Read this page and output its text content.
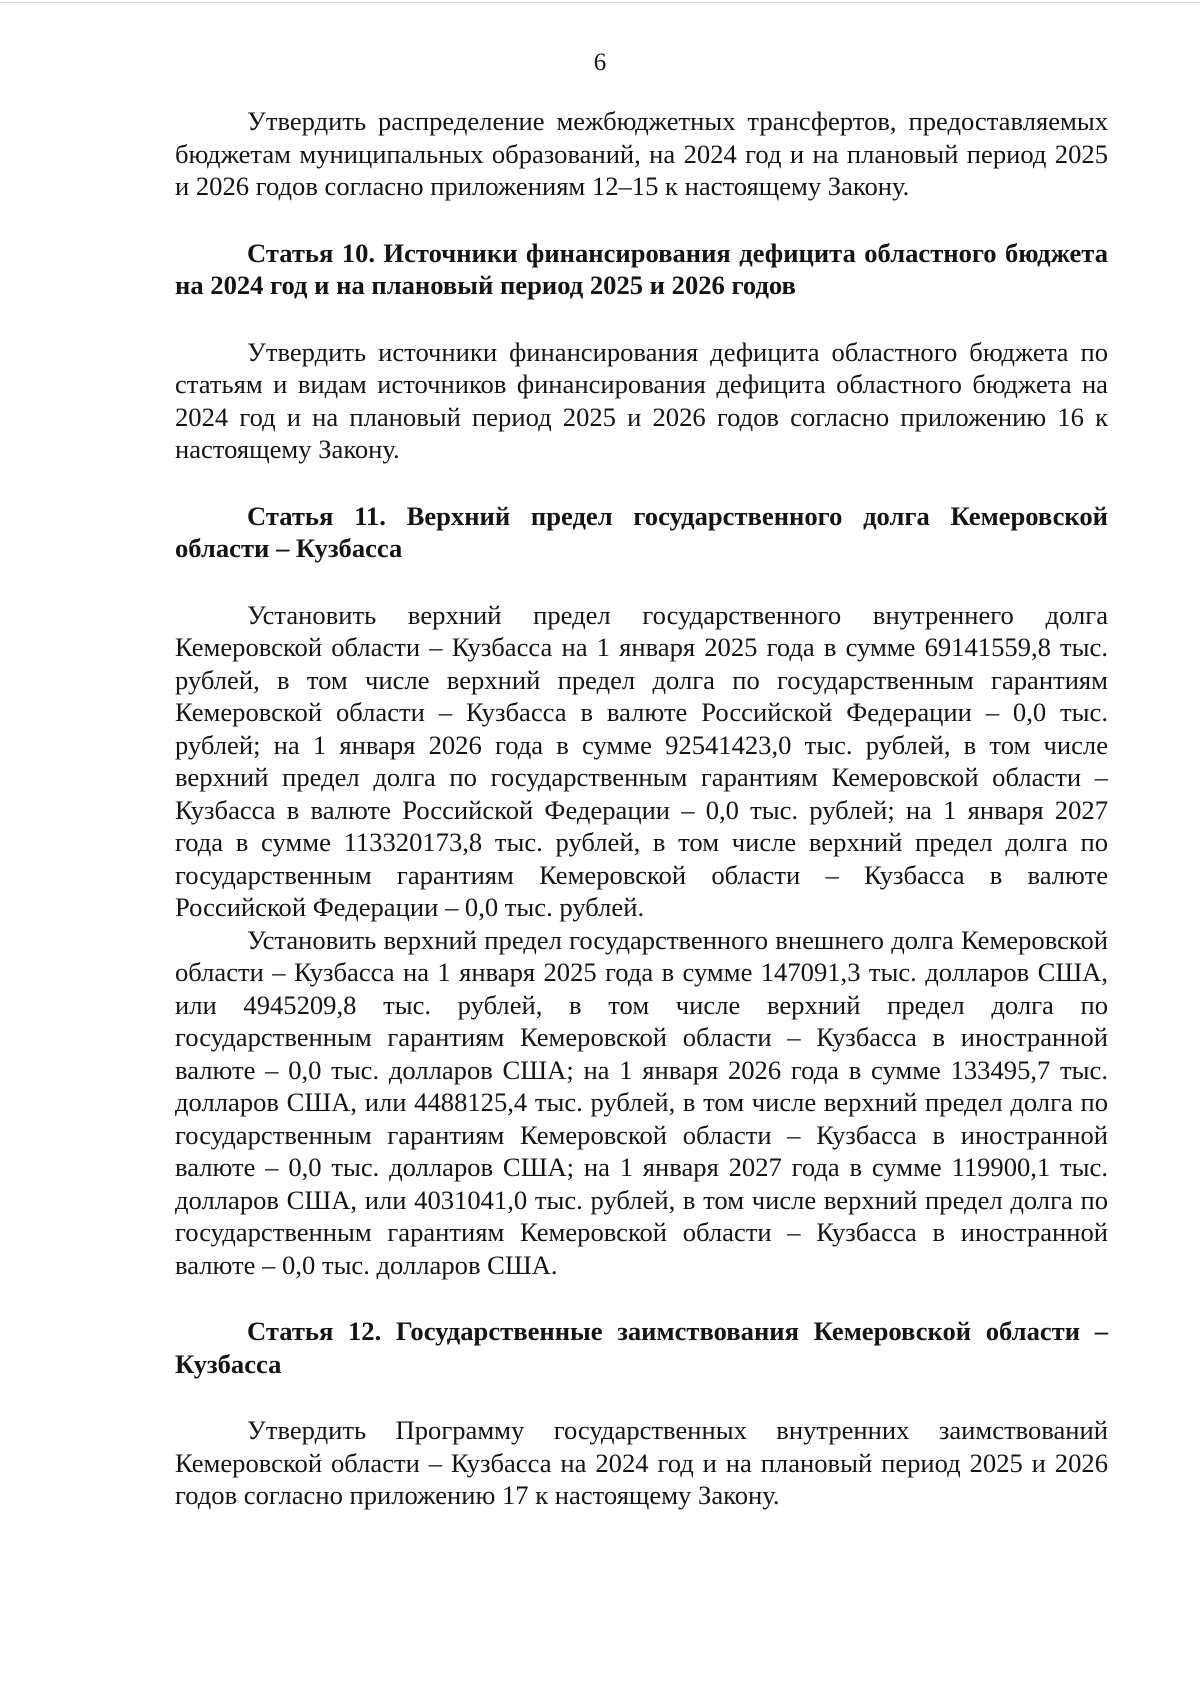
6

Утвердить распределение межбюджетных трансфертов, предоставляемых бюджетам муниципальных образований, на 2024 год и на плановый период 2025 и 2026 годов согласно приложениям 12–15 к настоящему Закону.

Статья 10. Источники финансирования дефицита областного бюджета на 2024 год и на плановый период 2025 и 2026 годов

Утвердить источники финансирования дефицита областного бюджета по статьям и видам источников финансирования дефицита областного бюджета на 2024 год и на плановый период 2025 и 2026 годов согласно приложению 16 к настоящему Закону.

Статья 11. Верхний предел государственного долга Кемеровской области – Кузбасса

Установить верхний предел государственного внутреннего долга Кемеровской области – Кузбасса на 1 января 2025 года в сумме 69141559,8 тыс. рублей, в том числе верхний предел долга по государственным гарантиям Кемеровской области – Кузбасса в валюте Российской Федерации – 0,0 тыс. рублей; на 1 января 2026 года в сумме 92541423,0 тыс. рублей, в том числе верхний предел долга по государственным гарантиям Кемеровской области – Кузбасса в валюте Российской Федерации – 0,0 тыс. рублей; на 1 января 2027 года в сумме 113320173,8 тыс. рублей, в том числе верхний предел долга по государственным гарантиям Кемеровской области – Кузбасса в валюте Российской Федерации – 0,0 тыс. рублей.

Установить верхний предел государственного внешнего долга Кемеровской области – Кузбасса на 1 января 2025 года в сумме 147091,3 тыс. долларов США, или 4945209,8 тыс. рублей, в том числе верхний предел долга по государственным гарантиям Кемеровской области – Кузбасса в иностранной валюте – 0,0 тыс. долларов США; на 1 января 2026 года в сумме 133495,7 тыс. долларов США, или 4488125,4 тыс. рублей, в том числе верхний предел долга по государственным гарантиям Кемеровской области – Кузбасса в иностранной валюте – 0,0 тыс. долларов США; на 1 января 2027 года в сумме 119900,1 тыс. долларов США, или 4031041,0 тыс. рублей, в том числе верхний предел долга по государственным гарантиям Кемеровской области – Кузбасса в иностранной валюте – 0,0 тыс. долларов США.

Статья 12. Государственные заимствования Кемеровской области – Кузбасса

Утвердить Программу государственных внутренних заимствований Кемеровской области – Кузбасса на 2024 год и на плановый период 2025 и 2026 годов согласно приложению 17 к настоящему Закону.
